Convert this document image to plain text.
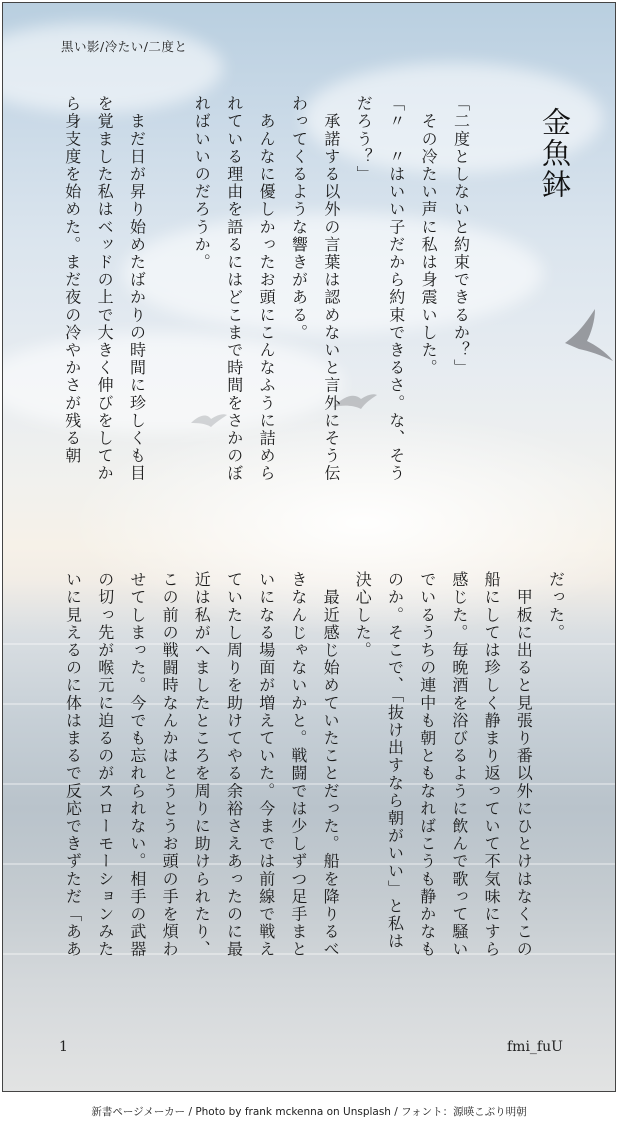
黒い影/冷たい/二度と
金魚鉢
「二度としないと約束できるか？」
　その冷たい声に私は身震いした。
「〃　〃はいい子だから約束できるさ。な、そう
だろう？」
　承諾する以外の言葉は認めないと言外にそう伝
わってくるような響きがある。
　あんなに優しかったお頭にこんなふうに詰めら
れている理由を語るにはどこまで時間をさかのぼ
ればいいのだろうか。
　まだ日が昇り始めたばかりの時間に珍しくも目
を覚ました私はベッドの上で大きく伸びをしてか
ら身支度を始めた。まだ夜の冷やかさが残る朝
だった。
　甲板に出ると見張り番以外にひとけはなくこの
船にしては珍しく静まり返っていて不気味にすら
感じた。毎晩酒を浴びるように飲んで歌って騒い
でいるうちの連中も朝ともなればこうも静かなも
のか。そこで、「抜け出すなら朝がいい」と私は
決心した。
　最近感じ始めていたことだった。船を降りるべ
きなんじゃないかと。戦闘では少しずつ足手まと
いになる場面が増えていた。今までは前線で戦え
ていたし周りを助けてやる余裕さえあったのに最
近は私がへましたところを周りに助けられたり、
この前の戦闘時なんかはとうとうお頭の手を煩わ
せてしまった。今でも忘れられない。相手の武器
の切っ先が喉元に迫るのがスローモーションみた
いに見えるのに体はまるで反応できずただ「ああ
1	fmi_fuU
新書ページメーカー / Photo by frank mckenna on Unsplash / フォント：源暎こぶり明朝
